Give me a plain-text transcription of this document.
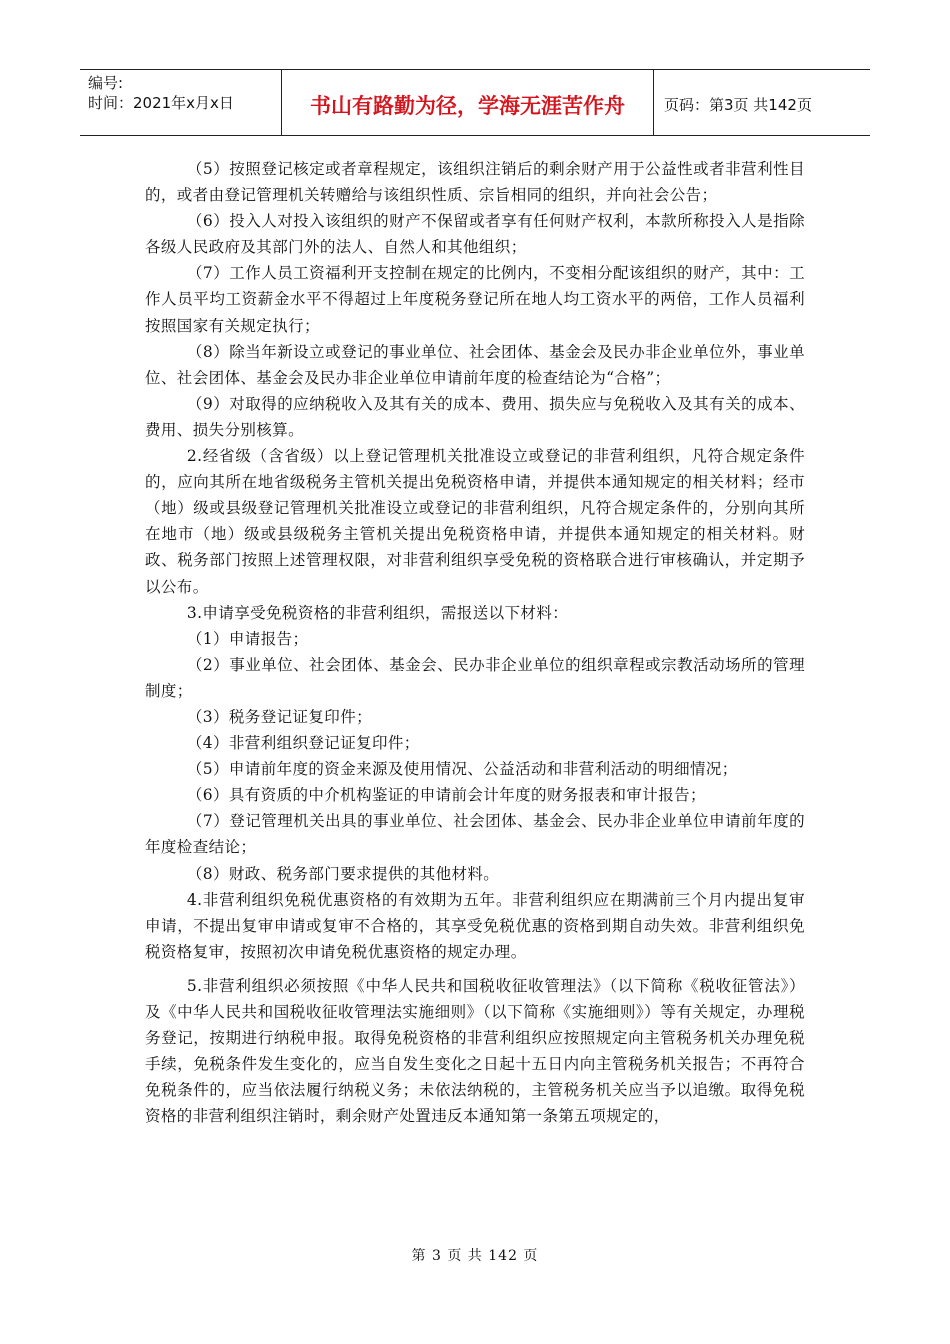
编号:
时间：2021年x月x日	书山有路勤为径，学海无涯苦作舟	页码：第3页 共142页

（5）按照登记核定或者章程规定，该组织注销后的剩余财产用于公益性或者非营利性目的，或者由登记管理机关转赠给与该组织性质、宗旨相同的组织，并向社会公告；

（6）投入人对投入该组织的财产不保留或者享有任何财产权利，本款所称投入人是指除各级人民政府及其部门外的法人、自然人和其他组织；

（7）工作人员工资福利开支控制在规定的比例内，不变相分配该组织的财产，其中：工作人员平均工资薪金水平不得超过上年度税务登记所在地人均工资水平的两倍，工作人员福利按照国家有关规定执行；

（8）除当年新设立或登记的事业单位、社会团体、基金会及民办非企业单位外，事业单位、社会团体、基金会及民办非企业单位申请前年度的检查结论为“合格”；

（9）对取得的应纳税收入及其有关的成本、费用、损失应与免税收入及其有关的成本、费用、损失分别核算。

2.经省级（含省级）以上登记管理机关批准设立或登记的非营利组织，凡符合规定条件的，应向其所在地省级税务主管机关提出免税资格申请，并提供本通知规定的相关材料；经市（地）级或县级登记管理机关批准设立或登记的非营利组织，凡符合规定条件的，分别向其所在地市（地）级或县级税务主管机关提出免税资格申请，并提供本通知规定的相关材料。财政、税务部门按照上述管理权限，对非营利组织享受免税的资格联合进行审核确认，并定期予以公布。

3.申请享受免税资格的非营利组织，需报送以下材料：

（1）申请报告；

（2）事业单位、社会团体、基金会、民办非企业单位的组织章程或宗教活动场所的管理制度；

（3）税务登记证复印件；

（4）非营利组织登记证复印件；

（5）申请前年度的资金来源及使用情况、公益活动和非营利活动的明细情况；

（6）具有资质的中介机构鉴证的申请前会计年度的财务报表和审计报告；

（7）登记管理机关出具的事业单位、社会团体、基金会、民办非企业单位申请前年度的年度检查结论；

（8）财政、税务部门要求提供的其他材料。

4.非营利组织免税优惠资格的有效期为五年。非营利组织应在期满前三个月内提出复审申请，不提出复审申请或复审不合格的，其享受免税优惠的资格到期自动失效。非营利组织免税资格复审，按照初次申请免税优惠资格的规定办理。

5.非营利组织必须按照《中华人民共和国税收征收管理法》（以下简称《税收征管法》）及《中华人民共和国税收征收管理法实施细则》（以下简称《实施细则》）等有关规定，办理税务登记，按期进行纳税申报。取得免税资格的非营利组织应按照规定向主管税务机关办理免税手续，免税条件发生变化的，应当自发生变化之日起十五日内向主管税务机关报告；不再符合免税条件的，应当依法履行纳税义务；未依法纳税的，主管税务机关应当予以追缴。取得免税资格的非营利组织注销时，剩余财产处置违反本通知第一条第五项规定的，

第 3 页 共 142 页
